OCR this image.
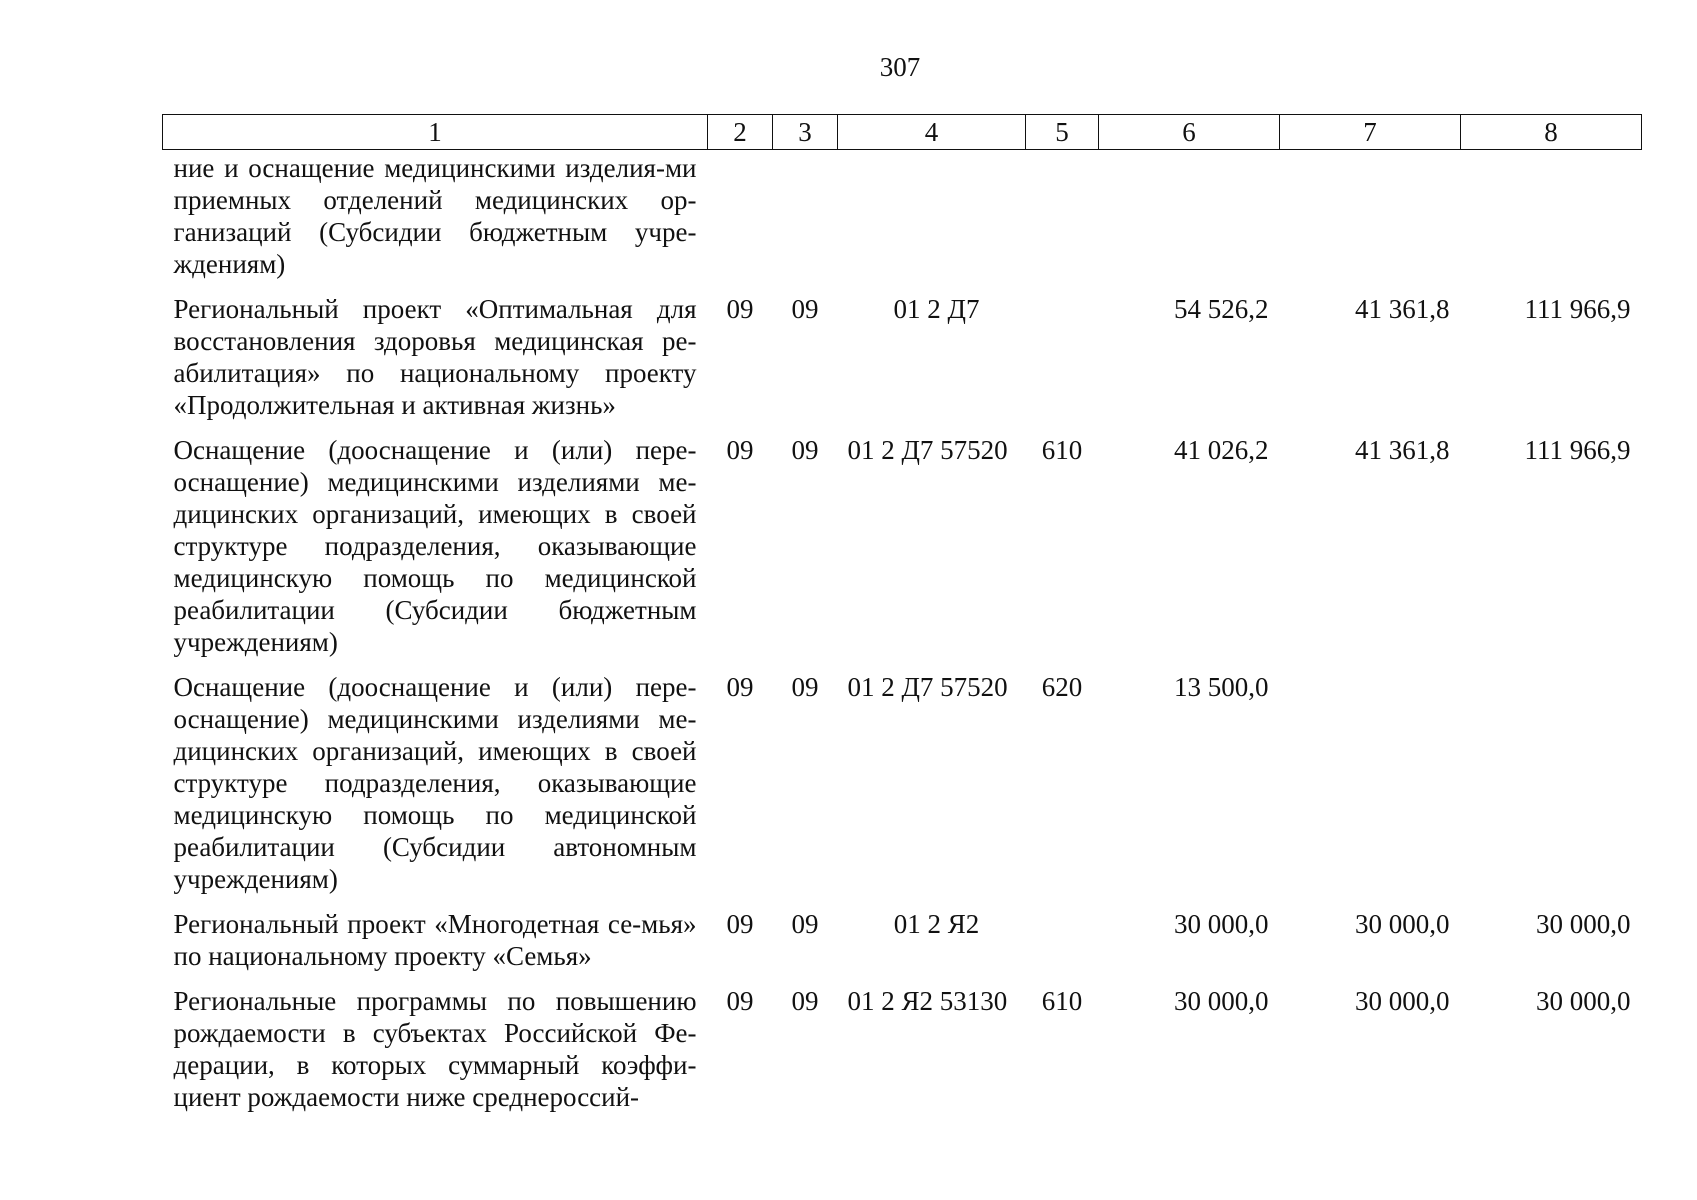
307
1	2	3	4	5	6	7	8
ние и оснащение медицинскими изделия-ми приемных отделений медицинских ор-ганизаций (Субсидии бюджетным учре-ждениям)							
Региональный проект «Оптимальная для восстановления здоровья медицинская ре-абилитация» по национальному проекту «Продолжительная и активная жизнь»	09	09	01 2 Д7		54 526,2	41 361,8	111 966,9
Оснащение (дооснащение и (или) пере-оснащение) медицинскими изделиями ме-дицинских организаций, имеющих в своей структуре подразделения, оказывающие медицинскую помощь по медицинской реабилитации (Субсидии бюджетным учреждениям)	09	09	01 2 Д7 57520	610	41 026,2	41 361,8	111 966,9
Оснащение (дооснащение и (или) пере-оснащение) медицинскими изделиями ме-дицинских организаций, имеющих в своей структуре подразделения, оказывающие медицинскую помощь по медицинской реабилитации (Субсидии автономным учреждениям)	09	09	01 2 Д7 57520	620	13 500,0		
Региональный проект «Многодетная се-мья» по национальному проекту «Семья»	09	09	01 2 Я2		30 000,0	30 000,0	30 000,0
Региональные программы по повышению рождаемости в субъектах Российской Фе-дерации, в которых суммарный коэффи-циент рождаемости ниже среднероссий-	09	09	01 2 Я2 53130	610	30 000,0	30 000,0	30 000,0
